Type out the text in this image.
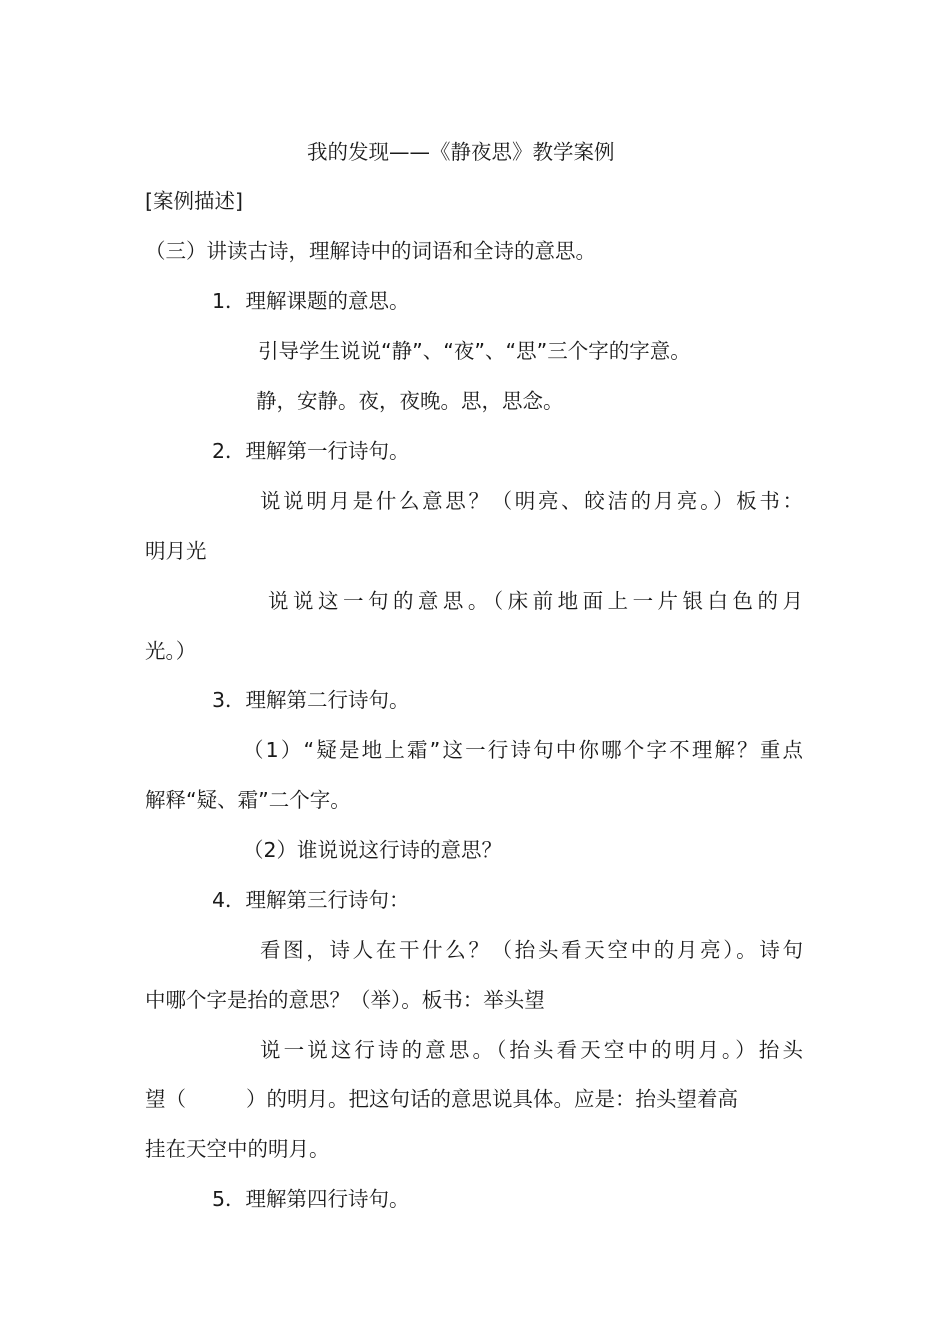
我的发现——《静夜思》教学案例
[案例描述]
（三）讲读古诗，理解诗中的词语和全诗的意思。
1．理解课题的意思。
引导学生说说“静”、“夜”、“思”三个字的字意。
静，安静。夜，夜晚。思，思念。
2．理解第一行诗句。
说说明月是什么意思？（明亮、皎洁的月亮。）板书：
明月光
说说这一句的意思。（床前地面上一片银白色的月
光。）
3．理解第二行诗句。
（1）“疑是地上霜”这一行诗句中你哪个字不理解？重点
解释“疑、霜”二个字。
（2）谁说说这行诗的意思？
4．理解第三行诗句：
看图，诗人在干什么？（抬头看天空中的月亮）。诗句
中哪个字是抬的意思？（举）。板书：举头望
说一说这行诗的意思。（抬头看天空中的明月。）抬头
望（	）的明月。把这句话的意思说具体。应是：抬头望着高
挂在天空中的明月。
5．理解第四行诗句。
